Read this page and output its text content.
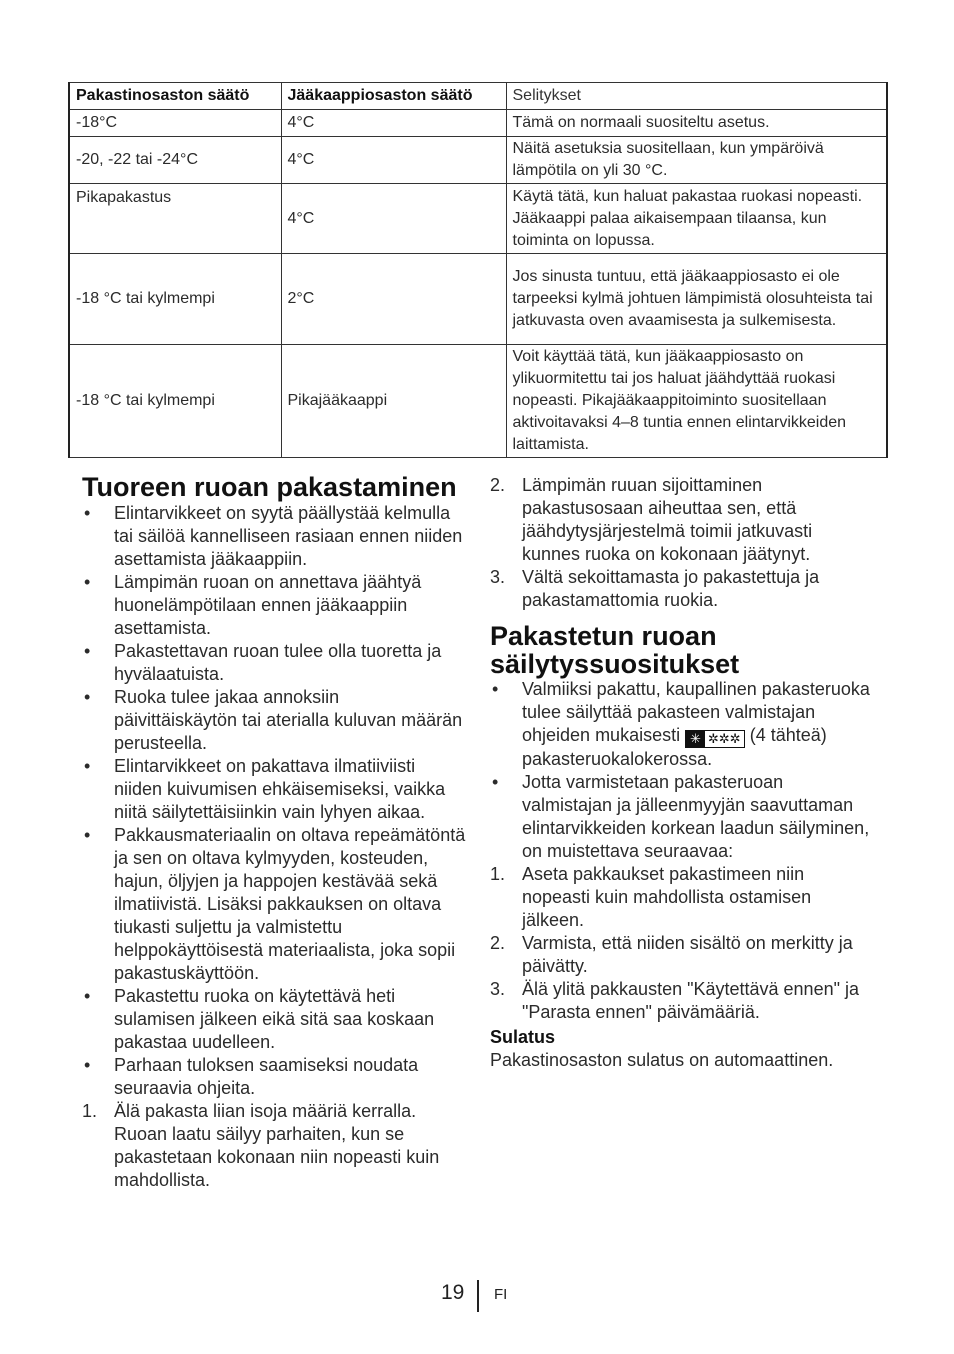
Pakastinosaston säätö	Jääkaappiosaston säätö	Selitykset
-18°C	4°C	Tämä on normaali suositeltu asetus.
-20, -22 tai -24°C	4°C	Näitä asetuksia suositellaan, kun ympäröivä lämpötila on yli 30 °C.
Pikapakastus	4°C	Käytä tätä, kun haluat pakastaa ruokasi nopeasti. Jääkaappi palaa aikaisempaan tilaansa, kun toiminta on lopussa.
-18 °C tai kylmempi	2°C	Jos sinusta tuntuu, että jääkaappiosasto ei ole tarpeeksi kylmä johtuen lämpimistä olosuhteista tai jatkuvasta oven avaamisesta ja sulkemisesta.
-18 °C tai kylmempi	Pikajääkaappi	Voit käyttää tätä, kun jääkaappiosasto on ylikuormitettu tai jos haluat jäähdyttää ruokasi nopeasti. Pikajääkaappitoiminto suositellaan aktivoitavaksi 4–8 tuntia ennen elintarvikkeiden laittamista.
Tuoreen ruoan pakastaminen
•	Elintarvikkeet on syytä päällystää kelmulla tai säilöä kannelliseen rasiaan ennen niiden asettamista jääkaappiin.
•	Lämpimän ruoan on annettava jäähtyä huonelämpötilaan ennen jääkaappiin asettamista.
•	Pakastettavan ruoan tulee olla tuoretta ja hyvälaatuista.
•	Ruoka tulee jakaa annoksiin päivittäiskäytön tai aterialla kuluvan määrän perusteella.
•	Elintarvikkeet on pakattava ilmatiiviisti niiden kuivumisen ehkäisemiseksi, vaikka niitä säilytettäisiinkin vain lyhyen aikaa.
•	Pakkausmateriaalin on oltava repeämätöntä ja sen on oltava kylmyyden, kosteuden, hajun, öljyjen ja happojen kestävää sekä ilmatiivistä. Lisäksi pakkauksen on oltava tiukasti suljettu ja valmistettu helppokäyttöisestä materiaalista, joka sopii pakastuskäyttöön.
•	Pakastettu ruoka on käytettävä heti sulamisen jälkeen eikä sitä saa koskaan pakastaa uudelleen.
•	Parhaan tuloksen saamiseksi noudata seuraavia ohjeita.
1. Älä pakasta liian isoja määriä kerralla. Ruoan laatu säilyy parhaiten, kun se pakastetaan kokonaan niin nopeasti kuin mahdollista.
2. Lämpimän ruuan sijoittaminen pakastusosaan aiheuttaa sen, että jäähdytysjärjestelmä toimii jatkuvasti kunnes ruoka on kokonaan jäätynyt.
3. Vältä sekoittamasta jo pakastettuja ja pakastamattomia ruokia.
Pakastetun ruoan säilytyssuositukset
•	Valmiiksi pakattu, kaupallinen pakasteruoka tulee säilyttää pakasteen valmistajan ohjeiden mukaisesti ✳ ✲✲✲ (4 tähteä) pakasteruokalokerossa.
•	Jotta varmistetaan pakasteruoan valmistajan ja jälleenmyyjän saavuttaman elintarvikkeiden korkean laadun säilyminen, on muistettava seuraavaa:
1. Aseta pakkaukset pakastimeen niin nopeasti kuin mahdollista ostamisen jälkeen.
2. Varmista, että niiden sisältö on merkitty ja päivätty.
3. Älä ylitä pakkausten "Käytettävä ennen" ja "Parasta ennen" päivämääriä.
Sulatus
Pakastinosaston sulatus on automaattinen.
19 FI
